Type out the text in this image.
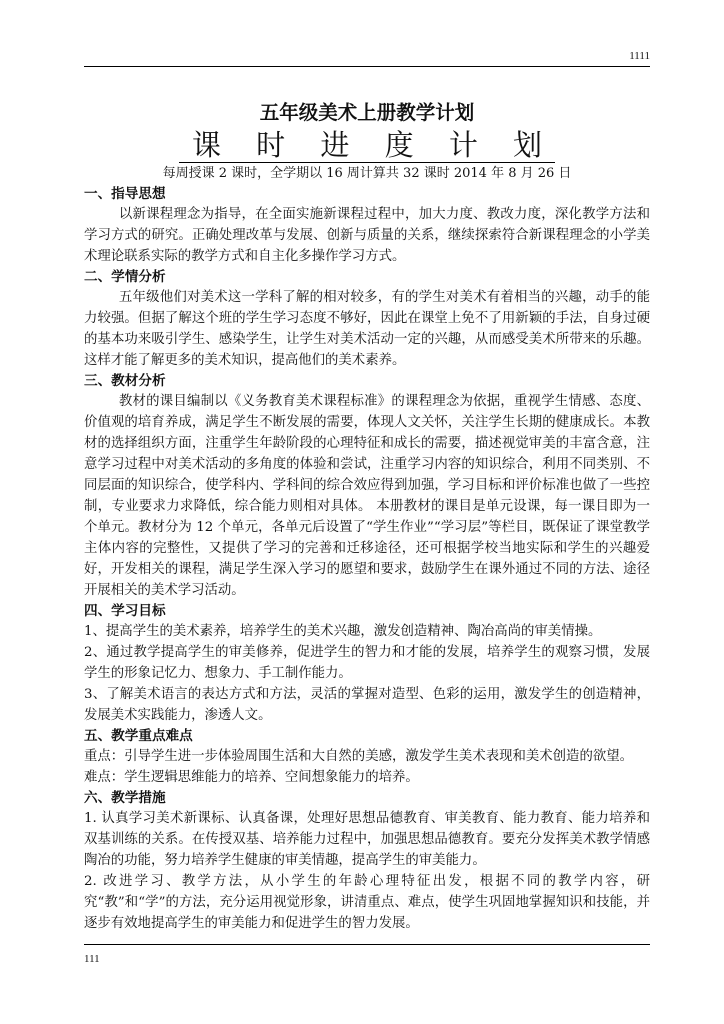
1111
五年级美术上册教学计划
课 时 进 度 计 划

每周授课 2 课时，全学期以 16 周计算共 32 课时 2014 年 8 月 26 日

一、指导思想

以新课程理念为指导，在全面实施新课程过程中，加大力度、教改力度，深化教学方法和学习方式的研究。正确处理改革与发展、创新与质量的关系，继续探索符合新课程理念的小学美术理论联系实际的教学方式和自主化多操作学习方式。

二、学情分析

五年级他们对美术这一学科了解的相对较多，有的学生对美术有着相当的兴趣，动手的能力较强。但据了解这个班的学生学习态度不够好，因此在课堂上免不了用新颖的手法，自身过硬的基本功来吸引学生、感染学生，让学生对美术活动一定的兴趣，从而感受美术所带来的乐趣。这样才能了解更多的美术知识，提高他们的美术素养。

三、教材分析

教材的课目编制以《义务教育美术课程标准》的课程理念为依据，重视学生情感、态度、价值观的培育养成，满足学生不断发展的需要，体现人文关怀，关注学生长期的健康成长。本教材的选择组织方面，注重学生年龄阶段的心理特征和成长的需要，描述视觉审美的丰富含意，注意学习过程中对美术活动的多角度的体验和尝试，注重学习内容的知识综合，利用不同类别、不同层面的知识综合，使学科内、学科间的综合效应得到加强，学习目标和评价标准也做了一些控制，专业要求力求降低，综合能力则相对具体。 本册教材的课目是单元设课，每一课目即为一个单元。教材分为 12 个单元，各单元后设置了“学生作业”“学习层”等栏目，既保证了课堂教学主体内容的完整性，又提供了学习的完善和迁移途径，还可根据学校当地实际和学生的兴趣爱好，开发相关的课程，满足学生深入学习的愿望和要求，鼓励学生在课外通过不同的方法、途径开展相关的美术学习活动。

四、学习目标

1、提高学生的美术素养，培养学生的美术兴趣，激发创造精神、陶冶高尚的审美情操。

2、通过教学提高学生的审美修养，促进学生的智力和才能的发展，培养学生的观察习惯，发展学生的形象记忆力、想象力、手工制作能力。

3、了解美术语言的表达方式和方法，灵活的掌握对造型、色彩的运用，激发学生的创造精神，发展美术实践能力，渗透人文。

五、教学重点难点

重点：引导学生进一步体验周围生活和大自然的美感，激发学生美术表现和美术创造的欲望。

难点：学生逻辑思维能力的培养、空间想象能力的培养。

六、教学措施

1. 认真学习美术新课标、认真备课，处理好思想品德教育、审美教育、能力教育、能力培养和双基训练的关系。在传授双基、培养能力过程中，加强思想品德教育。要充分发挥美术教学情感陶冶的功能，努力培养学生健康的审美情趣，提高学生的审美能力。

2. 改进学习、教学方法，从小学生的年龄心理特征出发，根据不同的教学内容，研究“教”和“学”的方法，充分运用视觉形象，讲清重点、难点，使学生巩固地掌握知识和技能，并逐步有效地提高学生的审美能力和促进学生的智力发展。

111
